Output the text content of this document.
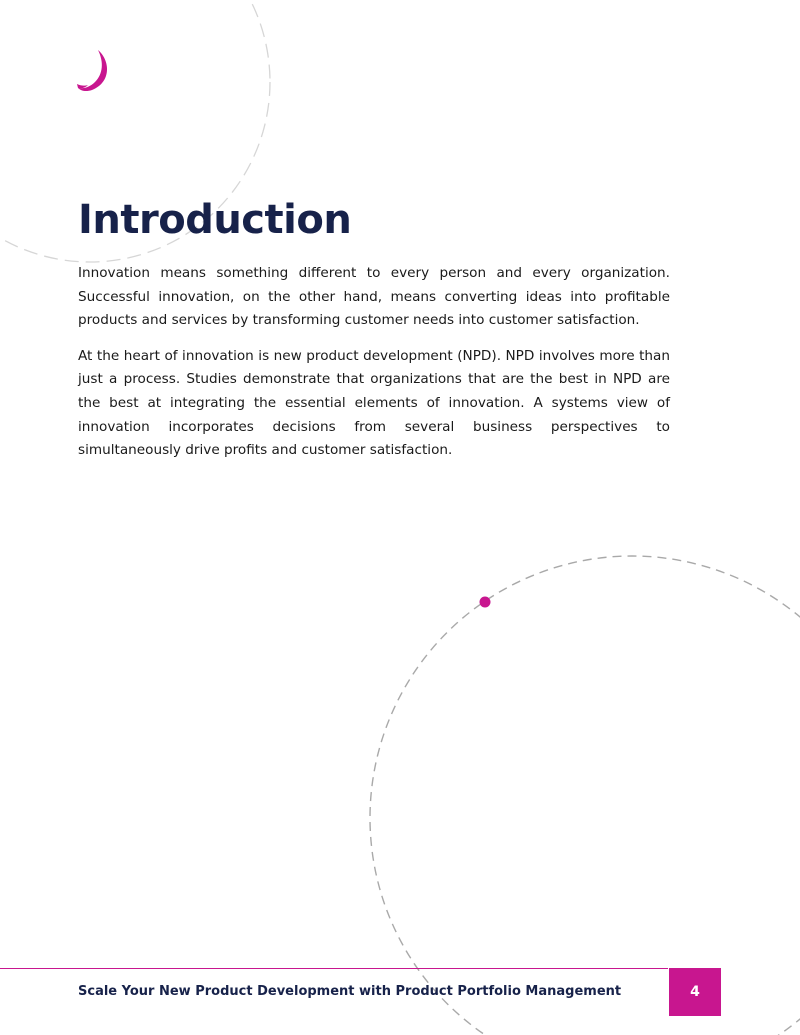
Introduction

Innovation means something different to every person and every organization. Successful innovation, on the other hand, means converting ideas into profitable products and services by transforming customer needs into customer satisfaction.

At the heart of innovation is new product development (NPD). NPD involves more than just a process. Studies demonstrate that organizations that are the best in NPD are the best at integrating the essential elements of innovation. A systems view of innovation incorporates decisions from several business perspectives to simultaneously drive profits and customer satisfaction.

Scale Your New Product Development with Product Portfolio Management	4
